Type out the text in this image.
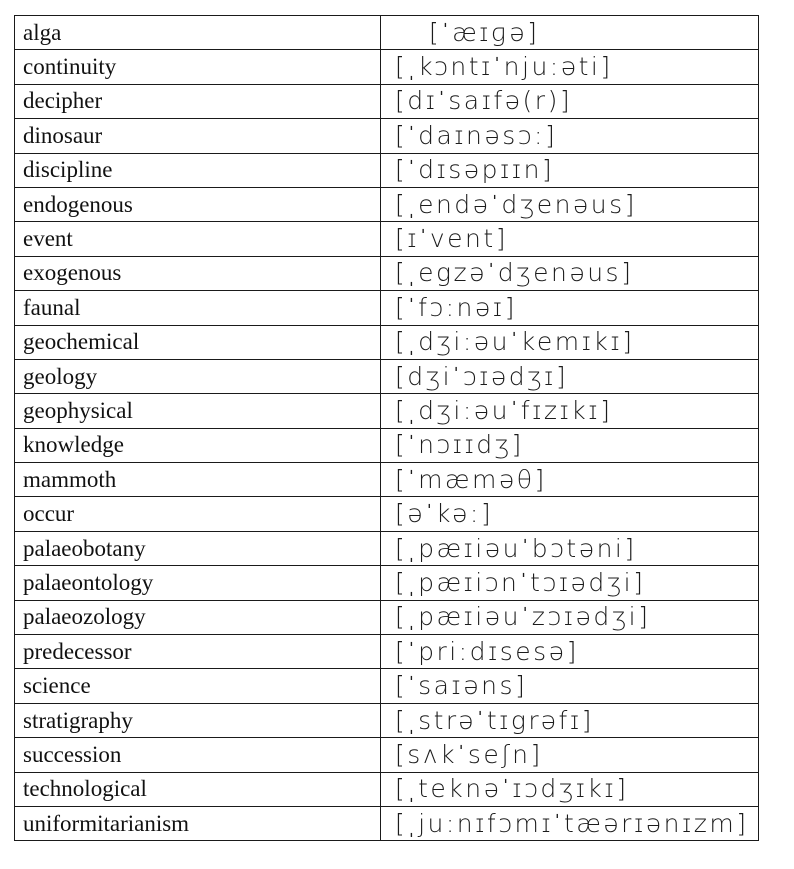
alga	[ˈæɪɡə]
continuity	[ˌkɔntɪˈnju:əti]
decipher	[dɪˈsaɪfə(r)]
dinosaur	[ˈdaɪnəsɔ:]
discipline	[ˈdɪsəpɪɪn]
endogenous	[ˌendəˈdʒenəus]
event	[ɪˈvent]
exogenous	[ˌegzəˈdʒenəus]
faunal	[ˈfɔ:nəɪ]
geochemical	[ˌdʒi:əuˈkemɪkɪ]
geology	[dʒiˈɔɪədʒɪ]
geophysical	[ˌdʒi:əuˈfɪzɪkɪ]
knowledge	[ˈnɔɪɪdʒ]
mammoth	[ˈmæməθ]
occur	[əˈkə:]
palaeobotany	[ˌpæɪiəuˈbɔtəni]
palaeontology	[ˌpæɪiɔnˈtɔɪədʒi]
palaeozology	[ˌpæɪiəuˈzɔɪədʒi]
predecessor	[ˈpri:dɪsesə]
science	[ˈsaɪəns]
stratigraphy	[ˌstrəˈtɪgrəfɪ]
succession	[sʌkˈseʃn]
technological	[ˌteknəˈɪɔdʒɪkɪ]
uniformitarianism	[ˌju:nɪfɔmɪˈtæərɪənɪzm]
